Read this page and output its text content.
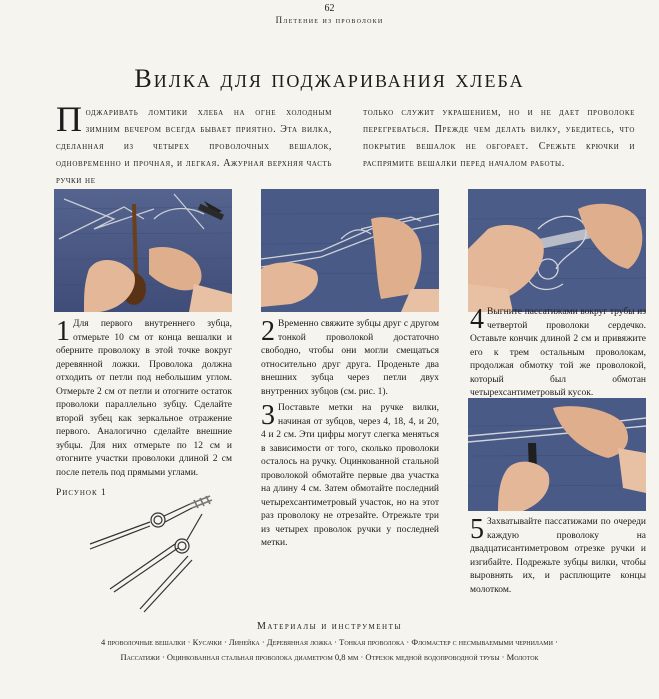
62
Плетение из проволоки
Вилка для поджаривания хлеба
Поджаривать ломтики хлеба на огне холодным зимним вечером всегда бывает приятно. Эта вилка, сделанная из четырех проволочных вешалок, одновременно и прочная, и легкая. Ажурная верхняя часть ручки не
только служит украшением, но и не дает проволоке перегреваться. Прежде чем делать вилку, убедитесь, что покрытие вешалок не обгорает. Срежьте крючки и распрямите вешалки перед началом работы.
1 Для первого внутреннего зубца, отмерьте 10 см от конца вешалки и оберните проволоку в этой точке вокруг деревянной ложки. Проволока должна отходить от петли под небольшим углом. Отмерьте 2 см от петли и отогните остаток проволоки параллельно зубцу. Сделайте второй зубец как зеркальное отражение первого. Аналогично сделайте внешние зубцы. Для них отмерьте по 12 см и отогните участки проволоки длиной 2 см после петель под прямыми углами.
2 Временно свяжите зубцы друг с другом тонкой проволокой достаточно свободно, чтобы они могли смещаться относительно друг друга. Проденьте два внешних зубца через петли двух внутренних зубцов (см. рис. 1).
3 Поставьте метки на ручке вилки, начиная от зубцов, через 4, 18, 4, и 20, 4 и 2 см. Эти цифры могут слегка меняться в зависимости от того, сколько проволоки осталось на ручку. Оцинкованной стальной проволокой обмотайте первые два участка на длину 4 см. Затем обмотайте последний четырехсантиметровый участок, но на этот раз проволоку не отрезайте. Отрежьте три из четырех проволок ручки у последней метки.
4 Выгните пассатижами вокруг трубы из четвертой проволоки сердечко. Оставьте кончик длиной 2 см и привяжите его к трем остальным проволокам, продолжая обмотку той же проволокой, который был обмотан четырехсантиметровый кусок.
5 Захватывайте пассатижами по очереди каждую проволоку на двадцатисантиметровом отрезке ручки и изгибайте. Подрежьте зубцы вилки, чтобы выровнять их, и расплющите концы молотком.
Рисунок 1
Материалы и инструменты
4 проволочные вешалки · Кусачки · Линейка · Деревянная ложка · Тонкая проволока · Фломастер с несмываемыми чернилами ·
Пассатижи · Оцинкованная стальная проволока диаметром 0,8 мм · Отрезок медной водопроводной трубы · Молоток
